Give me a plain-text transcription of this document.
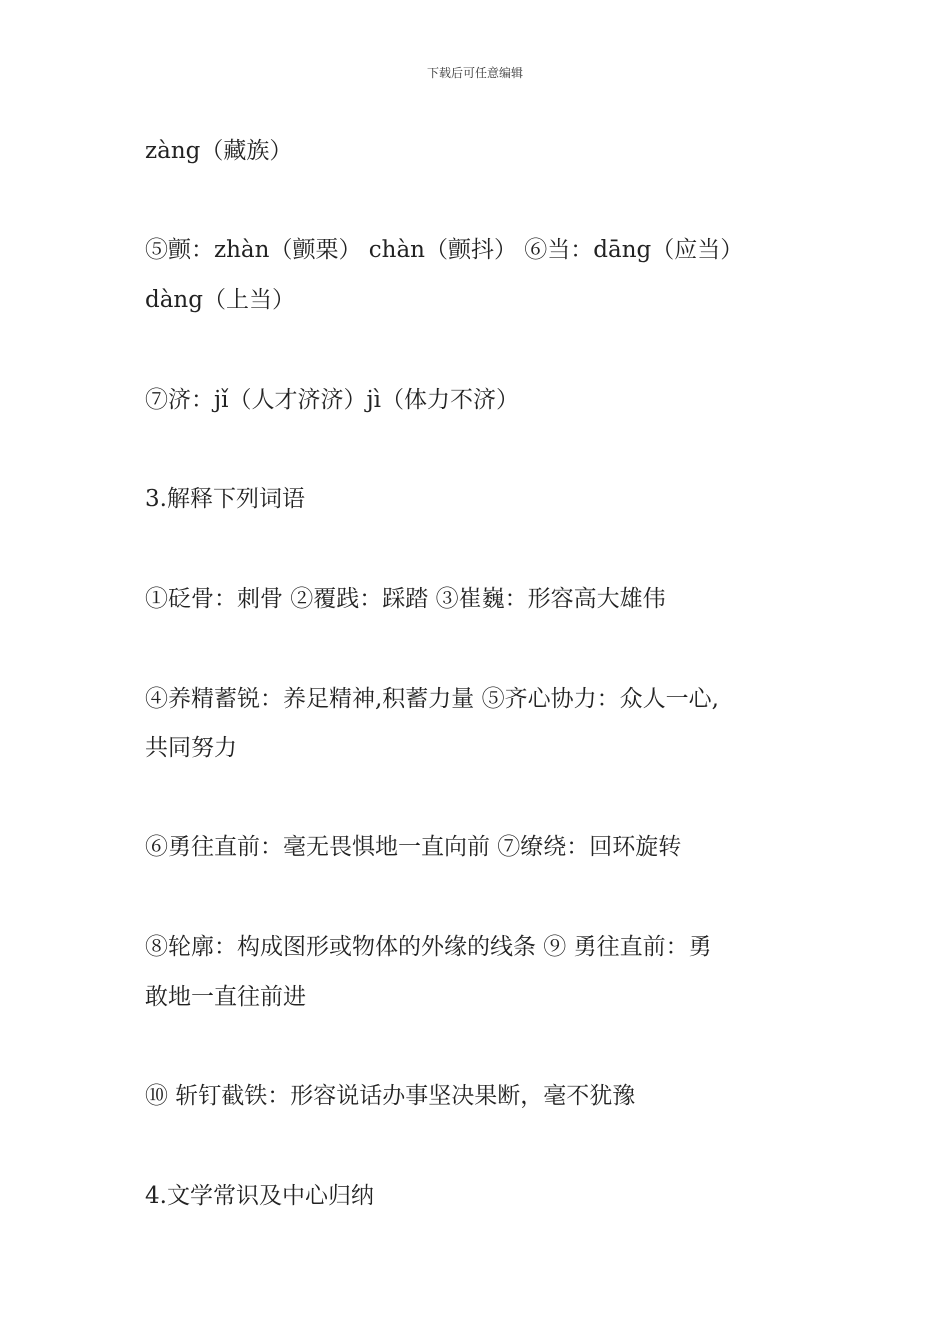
下载后可任意编辑
zàng（藏族）
⑤颤：zhàn（颤栗） chàn（颤抖） ⑥当：dāng（应当）
dàng（上当）
⑦济：jǐ（人才济济）jì（体力不济）
3.解释下列词语
①砭骨：刺骨 ②覆践：踩踏 ③崔巍：形容高大雄伟
④养精蓄锐：养足精神,积蓄力量 ⑤齐心协力：众人一心,
共同努力
⑥勇往直前：毫无畏惧地一直向前 ⑦缭绕：回环旋转
⑧轮廓：构成图形或物体的外缘的线条 ⑨ 勇往直前：勇
敢地一直往前进
⑩ 斩钉截铁：形容说话办事坚决果断，毫不犹豫
4.文学常识及中心归纳
